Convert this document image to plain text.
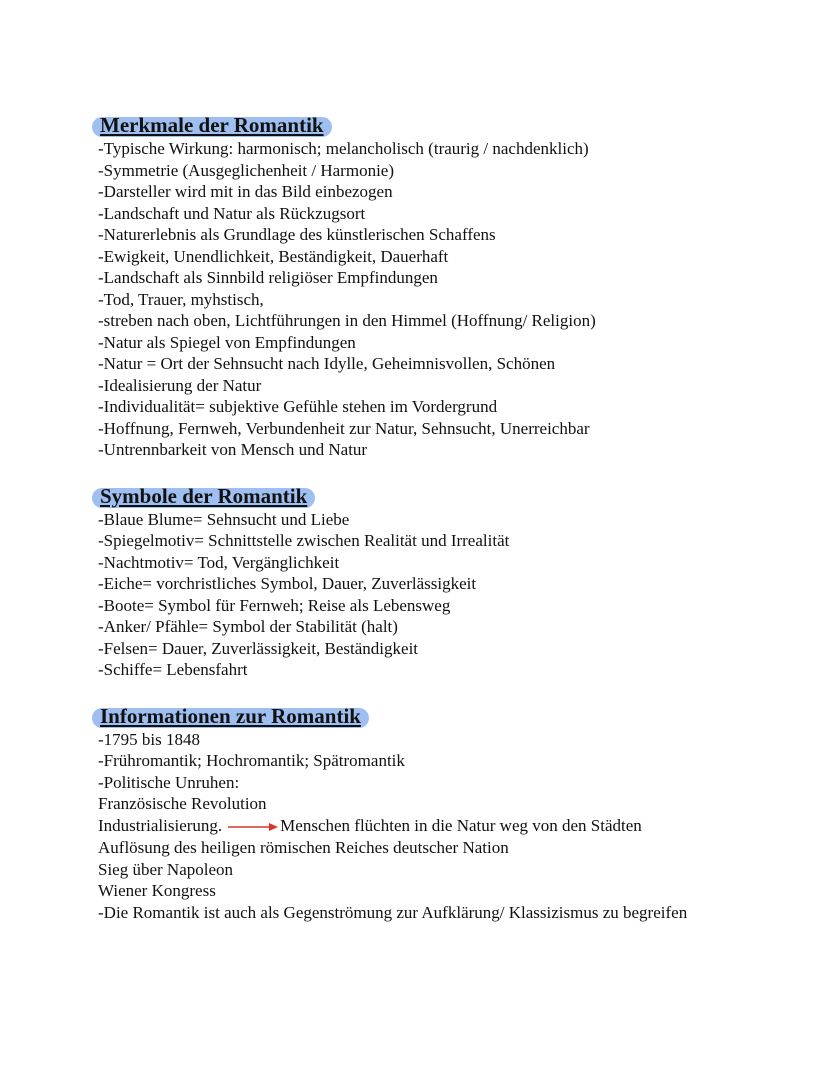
Merkmale der Romantik
-Typische Wirkung: harmonisch; melancholisch (traurig / nachdenklich)
-Symmetrie (Ausgeglichenheit / Harmonie)
-Darsteller wird mit in das Bild einbezogen
-Landschaft und Natur als Rückzugsort
-Naturerlebnis als Grundlage des künstlerischen Schaffens
-Ewigkeit, Unendlichkeit, Beständigkeit, Dauerhaft
-Landschaft als Sinnbild religiöser Empfindungen
-Tod, Trauer, myhstisch,
-streben nach oben, Lichtführungen in den Himmel (Hoffnung/ Religion)
-Natur als Spiegel von Empfindungen
-Natur = Ort der Sehnsucht nach Idylle, Geheimnisvollen, Schönen
-Idealisierung der Natur
-Individualität= subjektive Gefühle stehen im Vordergrund
-Hoffnung, Fernweh, Verbundenheit zur Natur, Sehnsucht, Unerreichbar
-Untrennbarkeit von Mensch und Natur
Symbole der Romantik
-Blaue Blume= Sehnsucht und Liebe
-Spiegelmotiv= Schnittstelle zwischen Realität und Irrealität
-Nachtmotiv= Tod, Vergänglichkeit
-Eiche= vorchristliches Symbol, Dauer, Zuverlässigkeit
-Boote= Symbol für Fernweh; Reise als Lebensweg
-Anker/ Pfähle= Symbol der Stabilität (halt)
-Felsen= Dauer, Zuverlässigkeit, Beständigkeit
-Schiffe= Lebensfahrt
Informationen zur Romantik
-1795 bis 1848
-Frühromantik; Hochromantik; Spätromantik
-Politische Unruhen:
Französische Revolution
Industrialisierung.	Menschen flüchten in die Natur weg von den Städten
Auflösung des heiligen römischen Reiches deutscher Nation
Sieg über Napoleon
Wiener Kongress
-Die Romantik ist auch als Gegenströmung zur Aufklärung/ Klassizismus zu begreifen
